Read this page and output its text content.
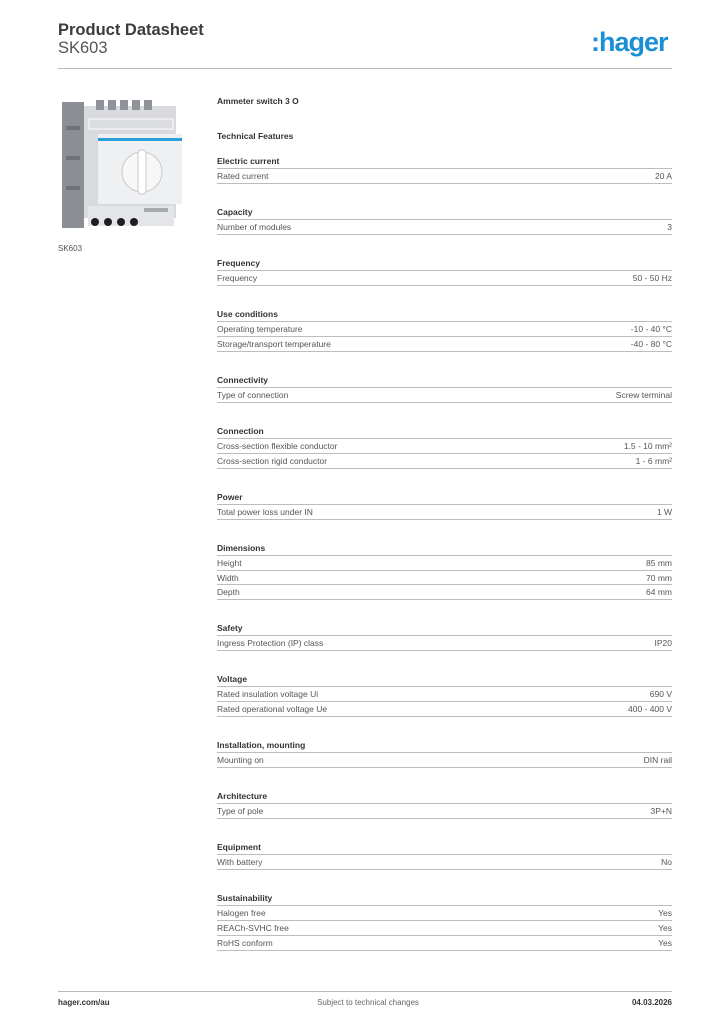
Product Datasheet
SK603	:hager
SK603
Ammeter switch 3 O
Technical Features
Electric current
Rated current	20 A
Capacity
Number of modules	3
Frequency
Frequency	50 - 50 Hz
Use conditions
Operating temperature	-10 - 40 °C
Storage/transport temperature	-40 - 80 °C
Connectivity
Type of connection	Screw terminal
Connection
Cross-section flexible conductor	1.5 - 10 mm²
Cross-section rigid conductor	1 - 6 mm²
Power
Total power loss under IN	1 W
Dimensions
Height	85 mm
Width	70 mm
Depth	64 mm
Safety
Ingress Protection (IP) class	IP20
Voltage
Rated insulation voltage Ui	690 V
Rated operational voltage Ue	400 - 400 V
Installation, mounting
Mounting on	DIN rail
Architecture
Type of pole	3P+N
Equipment
With battery	No
Sustainability
Halogen free	Yes
REACh-SVHC free	Yes
RoHS conform	Yes
hager.com/au	Subject to technical changes	04.03.2026
